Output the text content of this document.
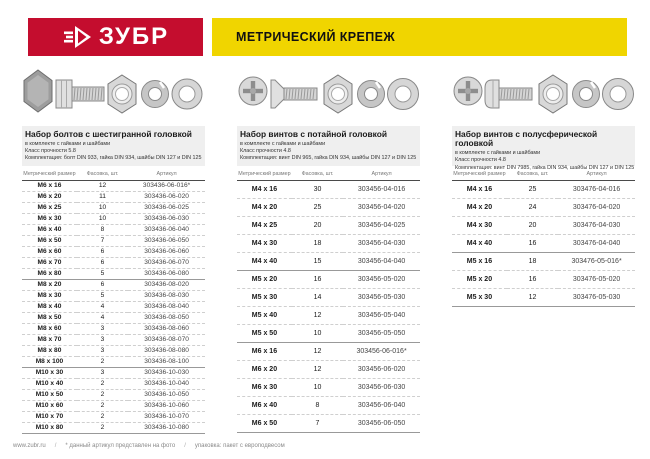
ЗУБР	МЕТРИЧЕСКИЙ КРЕПЕЖ
Набор болтов с шестигранной головкой

в комплекте с гайками и шайбами

Класс прочности 5.8

Комплектация: болт DIN 933, гайка DIN 934, шайбы DIN 127 и DIN 125

Метрический размер	Фасовка, шт.	Артикул
M6 x 16	12	303436-06-016*
M6 x 20	11	303436-06-020
M6 x 25	10	303436-06-025
M6 x 30	10	303436-06-030
M6 x 40	8	303436-06-040
M6 x 50	7	303436-06-050
M6 x 60	6	303436-06-060
M6 x 70	6	303436-06-070
M6 x 80	5	303436-06-080
M8 x 20	6	303436-08-020
M8 x 30	5	303436-08-030
M8 x 40	4	303436-08-040
M8 x 50	4	303436-08-050
M8 x 60	3	303436-08-060
M8 x 70	3	303436-08-070
M8 x 80	3	303436-08-080
M8 x 100	2	303436-08-100
M10 x 30	3	303436-10-030
M10 x 40	2	303436-10-040
M10 x 50	2	303436-10-050
M10 x 60	2	303436-10-060
M10 x 70	2	303436-10-070
M10 x 80	2	303436-10-080
Набор винтов с потайной головкой

в комплекте с гайками и шайбами

Класс прочности 4.8

Комплектация: винт DIN 965, гайка DIN 934, шайбы DIN 127 и DIN 125

Метрический размер	Фасовка, шт.	Артикул
M4 x 16	30	303456-04-016
M4 x 20	25	303456-04-020
M4 x 25	20	303456-04-025
M4 x 30	18	303456-04-030
M4 x 40	15	303456-04-040
M5 x 20	16	303456-05-020
M5 x 30	14	303456-05-030
M5 x 40	12	303456-05-040
M5 x 50	10	303456-05-050
M6 x 16	12	303456-06-016*
M6 x 20	12	303456-06-020
M6 x 30	10	303456-06-030
M6 x 40	8	303456-06-040
M6 x 50	7	303456-06-050
Набор винтов с полусферической головкой

в комплекте с гайками и шайбами

Класс прочности 4.8

Комплектация: винт DIN 7985, гайка DIN 934, шайбы DIN 127 и DIN 125

Метрический размер	Фасовка, шт.	Артикул
M4 x 16	25	303476-04-016
M4 x 20	24	303476-04-020
M4 x 30	20	303476-04-030
M4 x 40	16	303476-04-040
M5 x 16	18	303476-05-016*
M5 x 20	16	303476-05-020
M5 x 30	12	303476-05-030
www.zubr.ru / * данный артикул представлен на фото / упаковка: пакет с европодвесом
